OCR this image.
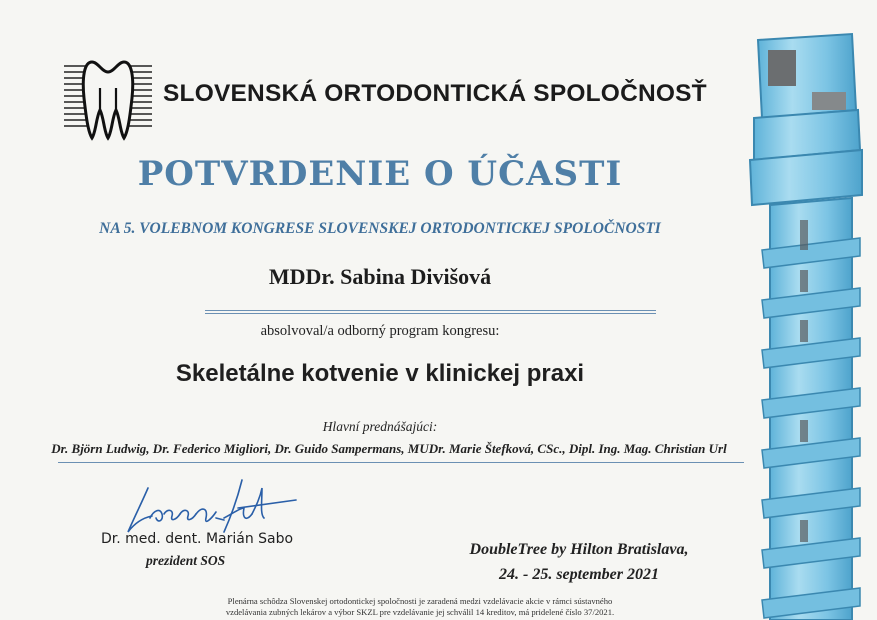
SLOVENSKÁ ORTODONTICKÁ SPOLOČNOSŤ
POTVRDENIE O ÚČASTI
NA 5. VOLEBNOM KONGRESE SLOVENSKEJ ORTODONTICKEJ SPOLOČNOSTI
MDDr. Sabina Divišová
absolvoval/a odborný program kongresu:
Skeletálne kotvenie v klinickej praxi
Hlavní prednášajúci:
Dr. Björn Ludwig, Dr. Federico Migliori, Dr. Guido Sampermans, MUDr. Marie Štefková, CSc., Dipl. Ing. Mag. Christian Url
Dr. med. dent. Marián Sabo
prezident SOS
DoubleTree by Hilton Bratislava,
24. - 25. september 2021
Plenárna schôdza Slovenskej ortodontickej spoločnosti je zaradená medzi vzdelávacie akcie v rámci sústavného
vzdelávania zubných lekárov a výbor SKZL pre vzdelávanie jej schválil 14 kreditov, má pridelené číslo 37/2021.
